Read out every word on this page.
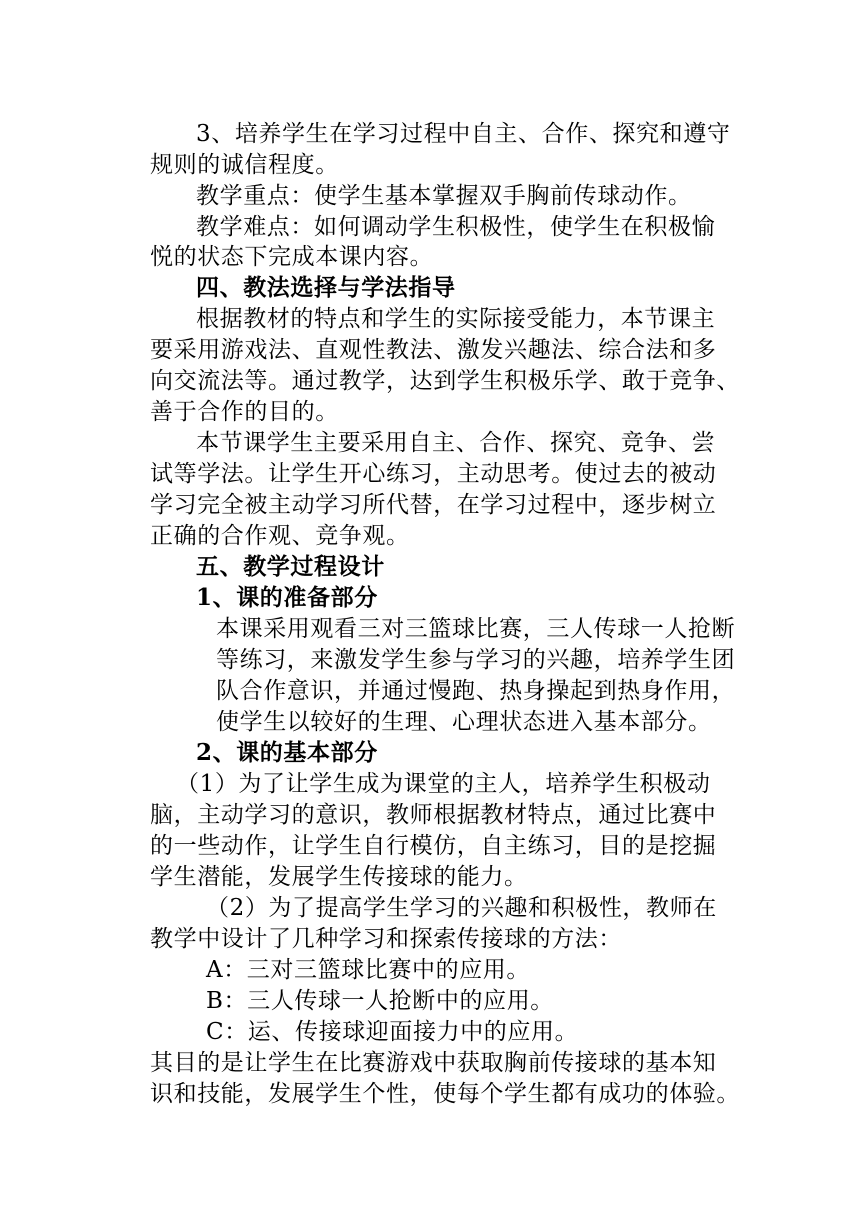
3、培养学生在学习过程中自主、合作、探究和遵守
规则的诚信程度。
教学重点：使学生基本掌握双手胸前传球动作。
教学难点：如何调动学生积极性，使学生在积极愉
悦的状态下完成本课内容。
四、教法选择与学法指导
根据教材的特点和学生的实际接受能力，本节课主
要采用游戏法、直观性教法、激发兴趣法、综合法和多
向交流法等。通过教学，达到学生积极乐学、敢于竞争、
善于合作的目的。
本节课学生主要采用自主、合作、探究、竞争、尝
试等学法。让学生开心练习，主动思考。使过去的被动
学习完全被主动学习所代替，在学习过程中，逐步树立
正确的合作观、竞争观。
五、教学过程设计
1、课的准备部分
本课采用观看三对三篮球比赛，三人传球一人抢断
等练习，来激发学生参与学习的兴趣，培养学生团
队合作意识，并通过慢跑、热身操起到热身作用，
使学生以较好的生理、心理状态进入基本部分。
2、课的基本部分
（1）为了让学生成为课堂的主人，培养学生积极动
脑，主动学习的意识，教师根据教材特点，通过比赛中
的一些动作，让学生自行模仿，自主练习，目的是挖掘
学生潜能，发展学生传接球的能力。
（2）为了提高学生学习的兴趣和积极性，教师在
教学中设计了几种学习和探索传接球的方法：
A：三对三篮球比赛中的应用。
B：三人传球一人抢断中的应用。
C：运、传接球迎面接力中的应用。
其目的是让学生在比赛游戏中获取胸前传接球的基本知
识和技能，发展学生个性，使每个学生都有成功的体验。
